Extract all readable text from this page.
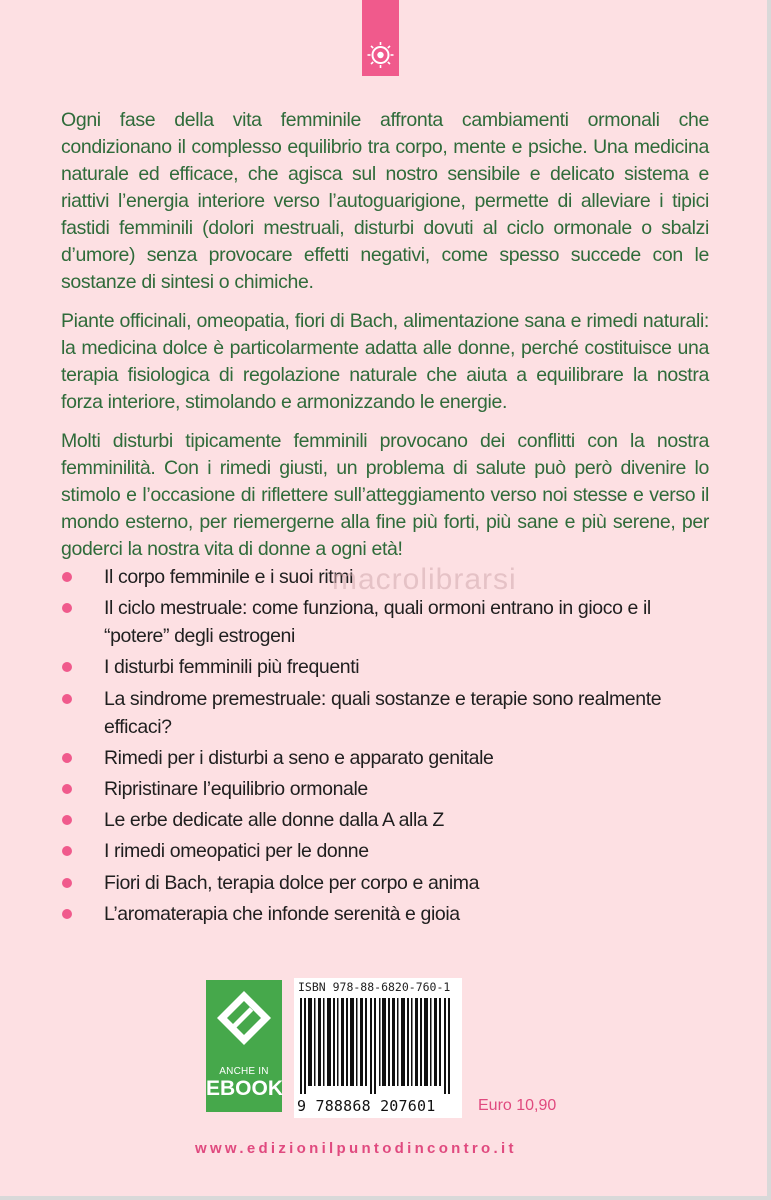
Ogni fase della vita femminile affronta cambiamenti ormonali che condizionano il complesso equilibrio tra corpo, mente e psiche. Una medicina naturale ed efficace, che agisca sul nostro sensibile e delicato sistema e riattivi l’energia interiore verso l’autoguarigione, permette di alleviare i tipici fastidi femminili (dolori mestruali, disturbi dovuti al ciclo ormonale o sbalzi d’umore) senza provocare effetti negativi, come spesso succede con le sostanze di sintesi o chimiche.

Piante officinali, omeopatia, fiori di Bach, alimentazione sana e rimedi naturali: la medicina dolce è particolarmente adatta alle donne, perché costituisce una terapia fisiologica di regolazione naturale che aiuta a equilibrare la nostra forza interiore, stimolando e armonizzando le energie.

Molti disturbi tipicamente femminili provocano dei conflitti con la nostra femminilità. Con i rimedi giusti, un problema di salute può però divenire lo stimolo e l’occasione di riflettere sull’atteggiamento verso noi stesse e verso il mondo esterno, per riemergerne alla fine più forti, più sane e più serene, per goderci la nostra vita di donne a ogni età!

Il corpo femminile e i suoi ritmi
Il ciclo mestruale: come funziona, quali ormoni entrano in gioco e il “potere” degli estrogeni
I disturbi femminili più frequenti
La sindrome premestruale: quali sostanze e terapie sono realmente efficaci?
Rimedi per i disturbi a seno e apparato genitale
Ripristinare l’equilibrio ormonale
Le erbe dedicate alle donne dalla A alla Z
I rimedi omeopatici per le donne
Fiori di Bach, terapia dolce per corpo e anima
L’aromaterapia che infonde serenità e gioia
macrolibrarsi
ANCHE IN
EBOOK
ISBN 978-88-6820-760-1
9 788868 207601	Euro 10,90
www.edizionilpuntodincontro.it
